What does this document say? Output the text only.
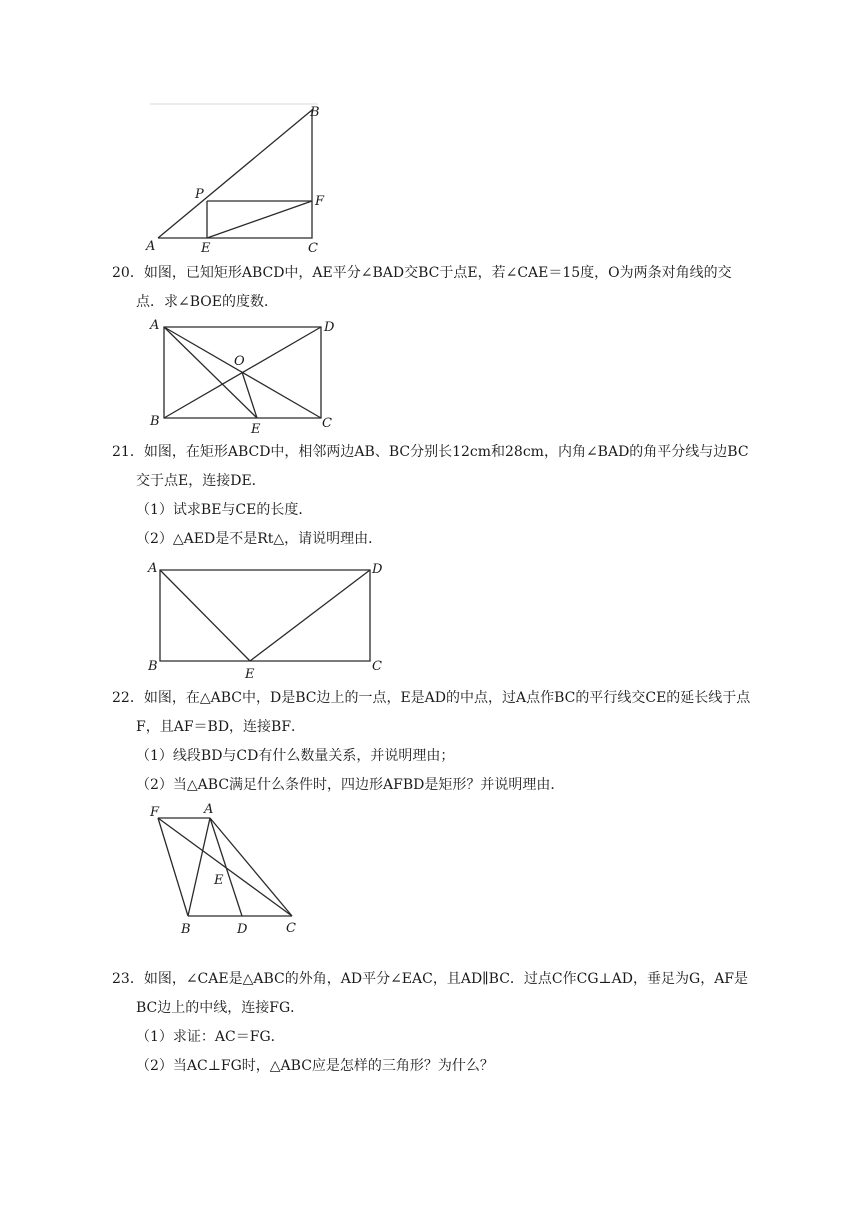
A
B
C
E
F
P

20．如图，已知矩形ABCD中，AE平分∠BAD交BC于点E，若∠CAE＝15度，O为两条对角线的交点．求∠BOE的度数．

A	D
B	C
E
O

21．如图，在矩形ABCD中，相邻两边AB、BC分别长12cm和28cm，内角∠BAD的角平分线与边BC交于点E，连接DE．

（1）试求BE与CE的长度．

（2）△AED是不是Rt△，请说明理由．

A	D
B	C
E

22．如图，在△ABC中，D是BC边上的一点，E是AD的中点，过A点作BC的平行线交CE的延长线于点F，且AF＝BD，连接BF．

（1）线段BD与CD有什么数量关系，并说明理由；

（2）当△ABC满足什么条件时，四边形AFBD是矩形？并说明理由．

F	A
E
B	D	C

23．如图，∠CAE是△ABC的外角，AD平分∠EAC，且AD∥BC．过点C作CG⊥AD，垂足为G，AF是BC边上的中线，连接FG．

（1）求证：AC＝FG．

（2）当AC⊥FG时，△ABC应是怎样的三角形？为什么？
